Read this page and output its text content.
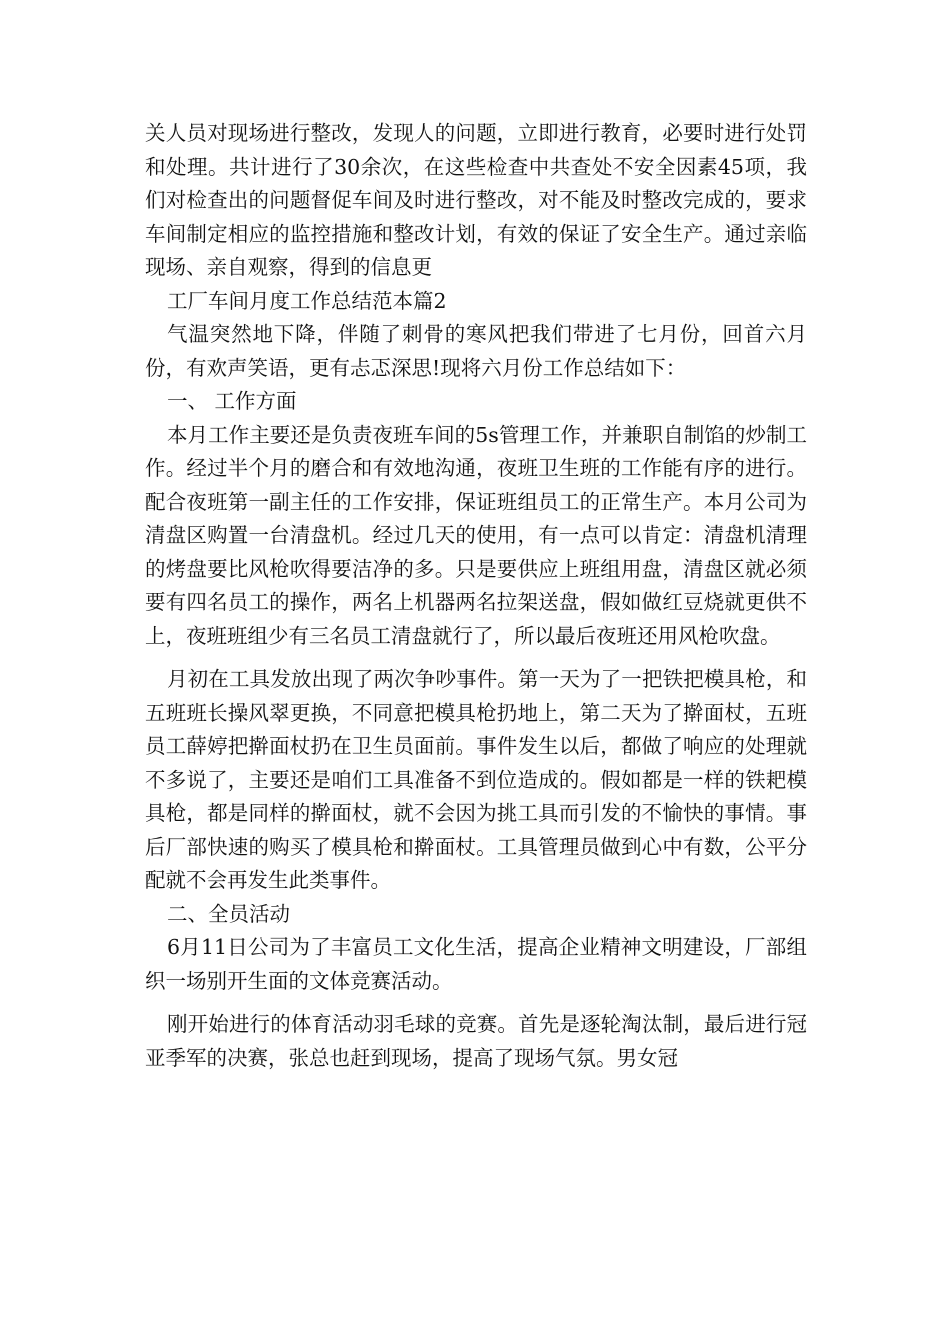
关人员对现场进行整改，发现人的问题，立即进行教育，必要时进行处罚和处理。共计进行了30余次，在这些检查中共查处不安全因素45项，我们对检查出的问题督促车间及时进行整改，对不能及时整改完成的，要求车间制定相应的监控措施和整改计划，有效的保证了安全生产。通过亲临现场、亲自观察，得到的信息更

工厂车间月度工作总结范本篇2

气温突然地下降，伴随了刺骨的寒风把我们带进了七月份，回首六月份，有欢声笑语，更有忐忑深思!现将六月份工作总结如下：

一、 工作方面

本月工作主要还是负责夜班车间的5s管理工作，并兼职自制馅的炒制工作。经过半个月的磨合和有效地沟通，夜班卫生班的工作能有序的进行。配合夜班第一副主任的工作安排，保证班组员工的正常生产。本月公司为清盘区购置一台清盘机。经过几天的使用，有一点可以肯定：清盘机清理的烤盘要比风枪吹得要洁净的多。只是要供应上班组用盘，清盘区就必须要有四名员工的操作，两名上机器两名拉架送盘，假如做红豆烧就更供不上，夜班班组少有三名员工清盘就行了，所以最后夜班还用风枪吹盘。

月初在工具发放出现了两次争吵事件。第一天为了一把铁把模具枪，和五班班长操风翠更换，不同意把模具枪扔地上，第二天为了擀面杖，五班员工薛婷把擀面杖扔在卫生员面前。事件发生以后，都做了响应的处理就不多说了，主要还是咱们工具准备不到位造成的。假如都是一样的铁耙模具枪，都是同样的擀面杖，就不会因为挑工具而引发的不愉快的事情。事后厂部快速的购买了模具枪和擀面杖。工具管理员做到心中有数，公平分配就不会再发生此类事件。

二、全员活动

6月11日公司为了丰富员工文化生活，提高企业精神文明建设，厂部组织一场别开生面的文体竞赛活动。

刚开始进行的体育活动羽毛球的竞赛。首先是逐轮淘汰制，最后进行冠亚季军的决赛，张总也赶到现场，提高了现场气氛。男女冠
